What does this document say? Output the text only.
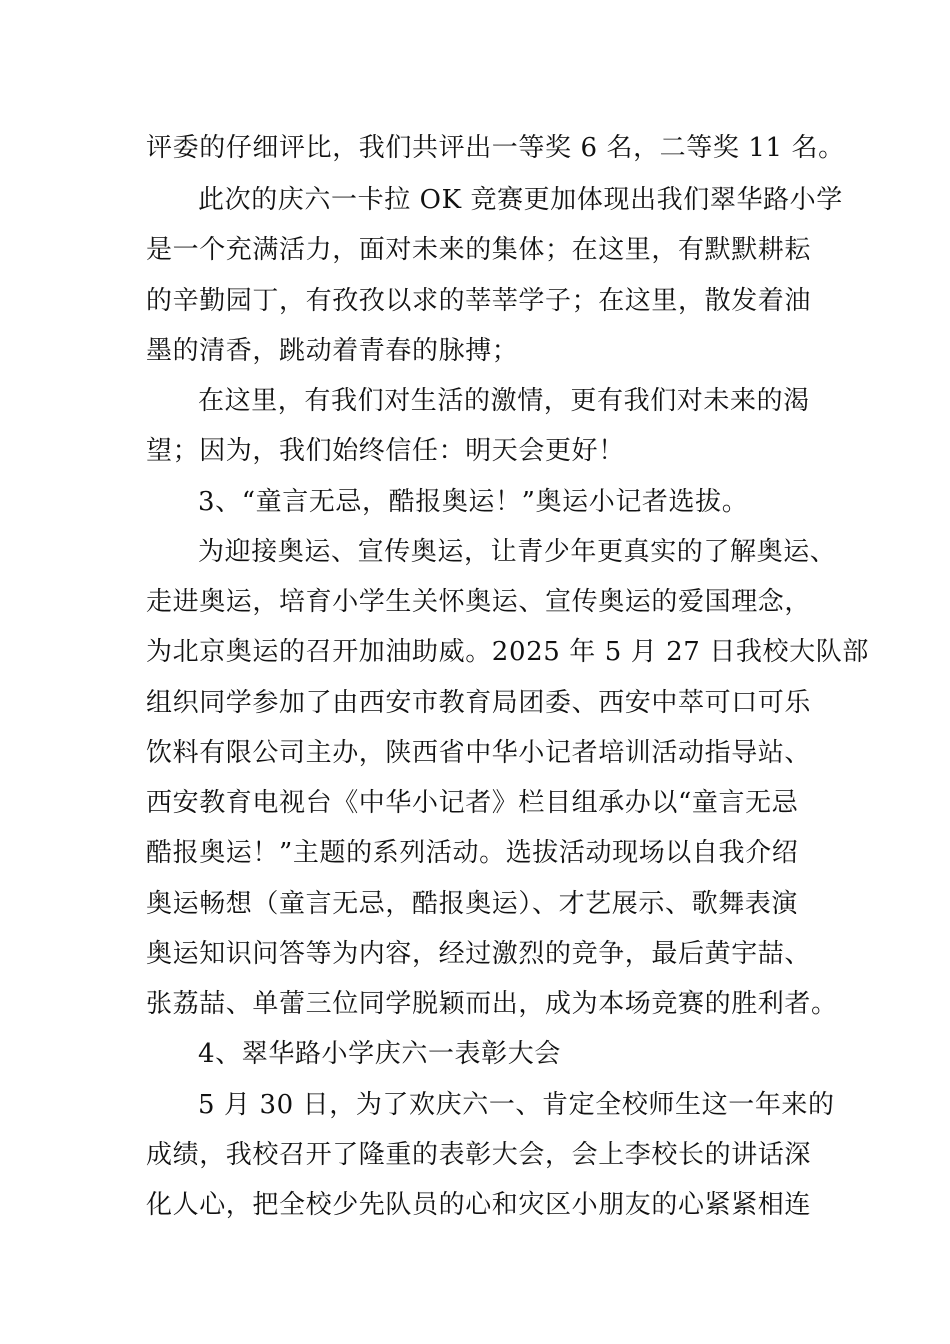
评委的仔细评比，我们共评出一等奖 6 名，二等奖 11 名。
此次的庆六一卡拉 OK 竞赛更加体现出我们翠华路小学
是一个充满活力，面对未来的集体；在这里，有默默耕耘
的辛勤园丁，有孜孜以求的莘莘学子；在这里，散发着油
墨的清香，跳动着青春的脉搏；
在这里，有我们对生活的激情，更有我们对未来的渴
望；因为，我们始终信任：明天会更好！
3、“童言无忌，酷报奥运！”奥运小记者选拔。
为迎接奥运、宣传奥运，让青少年更真实的了解奥运、
走进奥运，培育小学生关怀奥运、宣传奥运的爱国理念，
为北京奥运的召开加油助威。2025 年 5 月 27 日我校大队部
组织同学参加了由西安市教育局团委、西安中萃可口可乐
饮料有限公司主办，陕西省中华小记者培训活动指导站、
西安教育电视台《中华小记者》栏目组承办以“童言无忌
酷报奥运！”主题的系列活动。选拔活动现场以自我介绍
奥运畅想（童言无忌，酷报奥运）、才艺展示、歌舞表演
奥运知识问答等为内容，经过激烈的竞争，最后黄宇喆、
张荔喆、单蕾三位同学脱颖而出，成为本场竞赛的胜利者。
4、翠华路小学庆六一表彰大会
5 月 30 日，为了欢庆六一、肯定全校师生这一年来的
成绩，我校召开了隆重的表彰大会，会上李校长的讲话深
化人心，把全校少先队员的心和灾区小朋友的心紧紧相连
